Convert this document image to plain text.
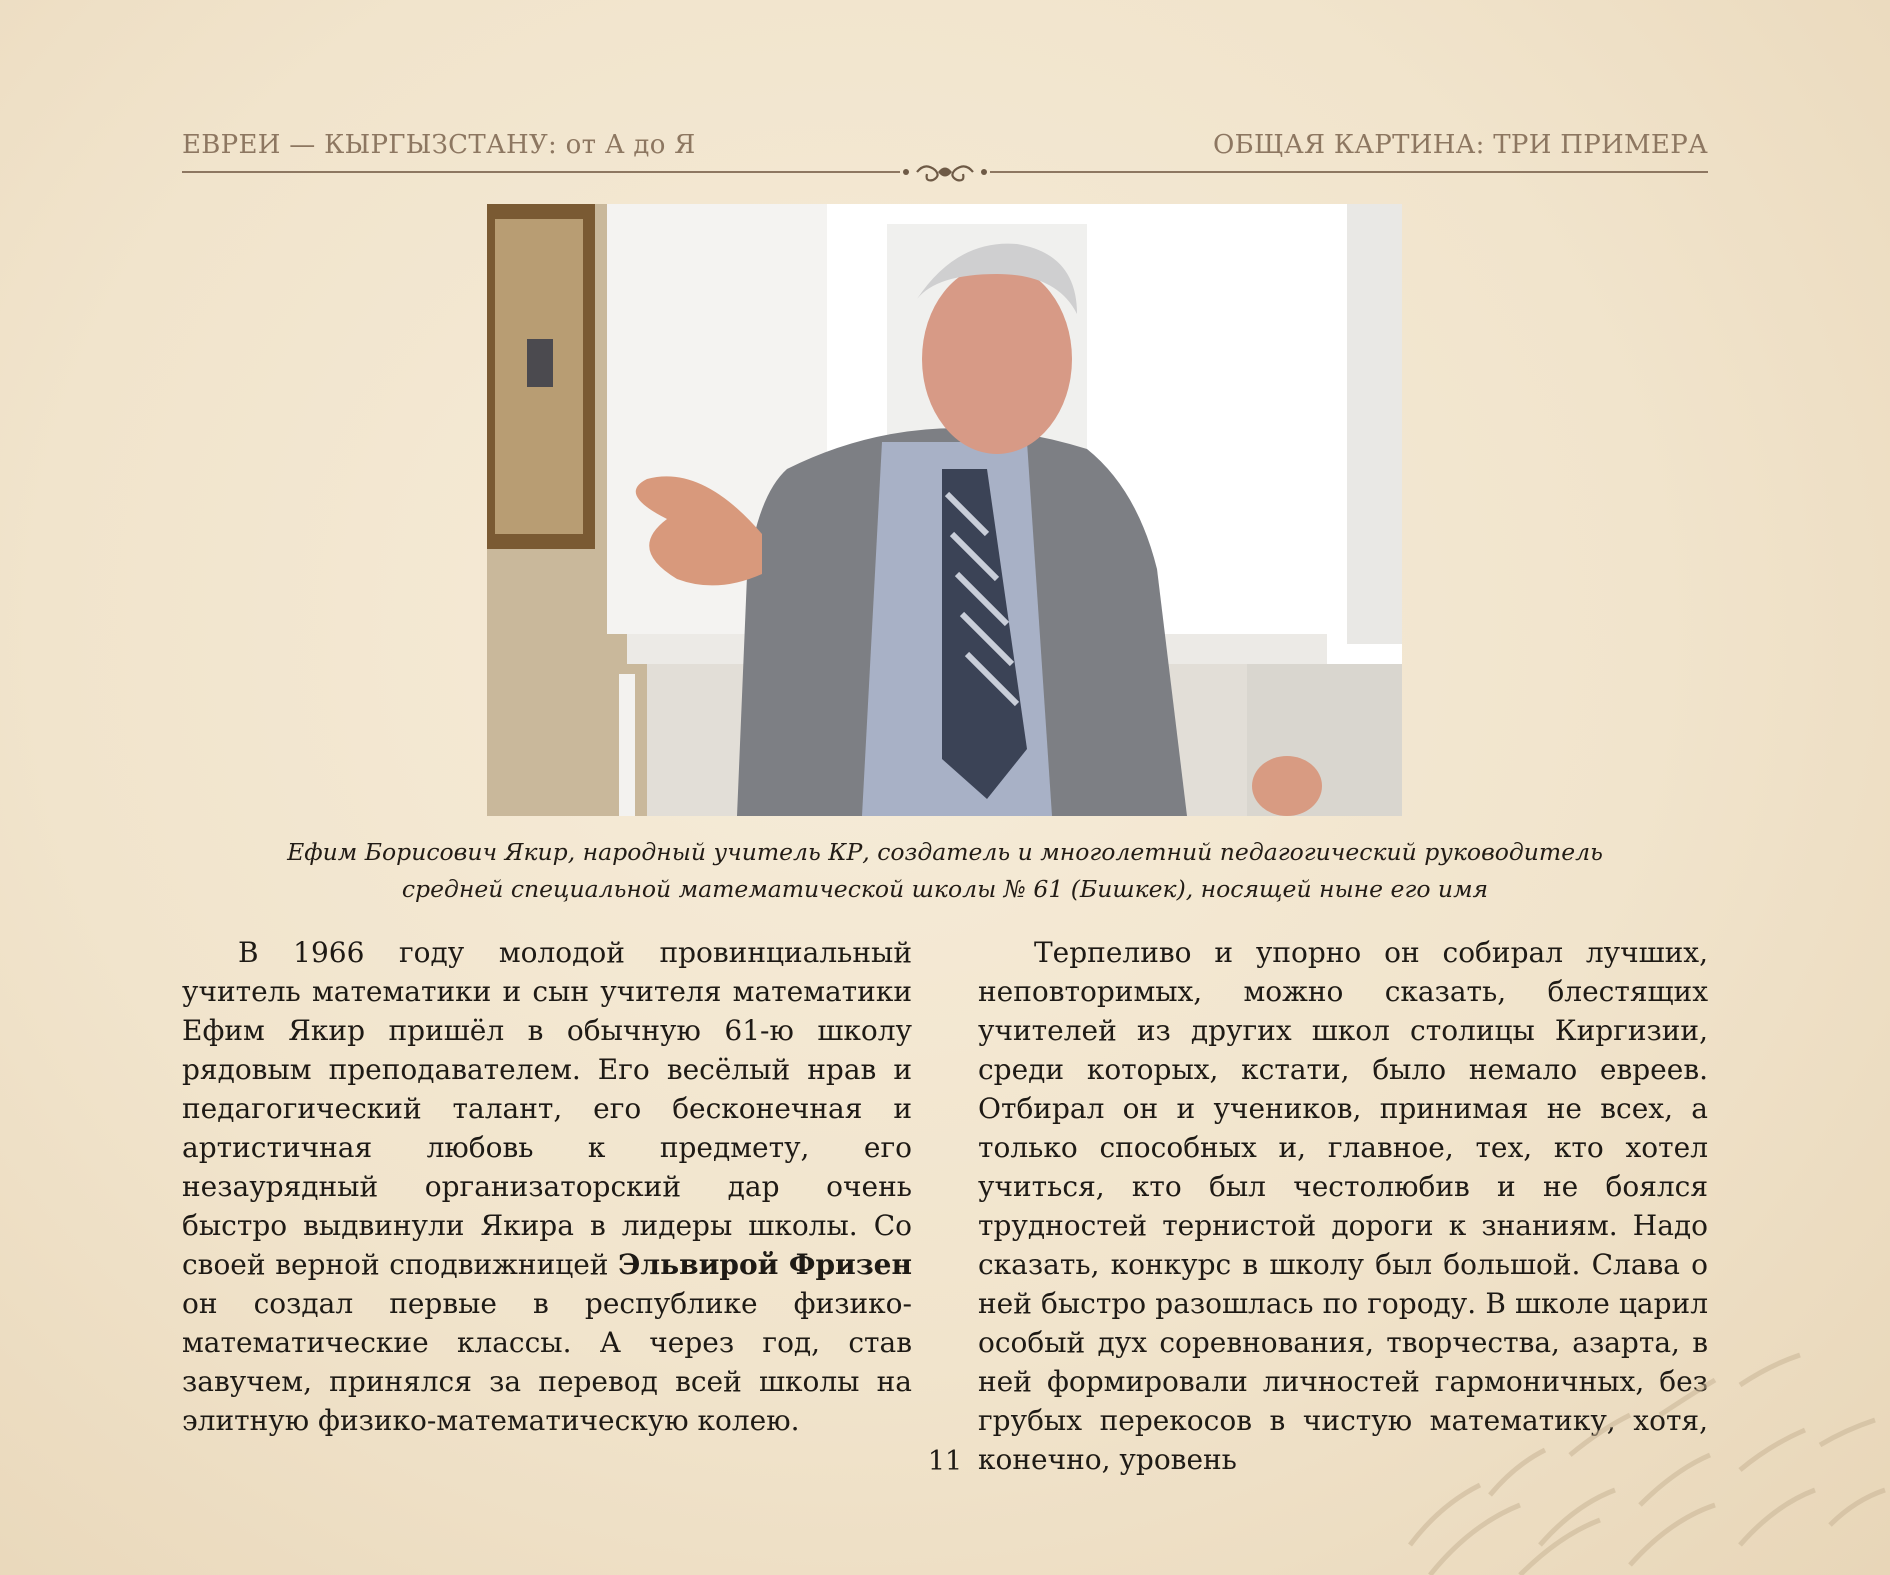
ЕВРЕИ — КЫРГЫЗСТАНУ: от А до Я	ОБЩАЯ КАРТИНА: ТРИ ПРИМЕРА
Ефим Борисович Якир, народный учитель КР, создатель и многолетний педагогический руководитель
средней специальной математической школы № 61 (Бишкек), носящей ныне его имя

В 1966 году молодой провинциальный учитель математики и сын учителя математики Ефим Якир пришёл в обычную 61-ю школу рядовым преподавателем. Его весёлый нрав и педагогический талант, его бесконечная и артистичная любовь к предмету, его незаурядный организаторский дар очень быстро выдвинули Якира в лидеры школы. Со своей верной сподвижницей Эльвирой Фризен он создал первые в республике физико-математические классы. А через год, став завучем, принялся за перевод всей школы на элитную физико-математическую колею.

Терпеливо и упорно он собирал лучших, неповторимых, можно сказать, блестящих учителей из других школ столицы Киргизии, среди которых, кстати, было немало евреев. Отбирал он и учеников, принимая не всех, а только способных и, главное, тех, кто хотел учиться, кто был честолюбив и не боялся трудностей тернистой дороги к знаниям. Надо сказать, конкурс в школу был большой. Слава о ней быстро разошлась по городу. В школе царил особый дух соревнования, творчества, азарта, в ней формировали личностей гармоничных, без грубых перекосов в чистую математику, хотя, конечно, уровень

11
